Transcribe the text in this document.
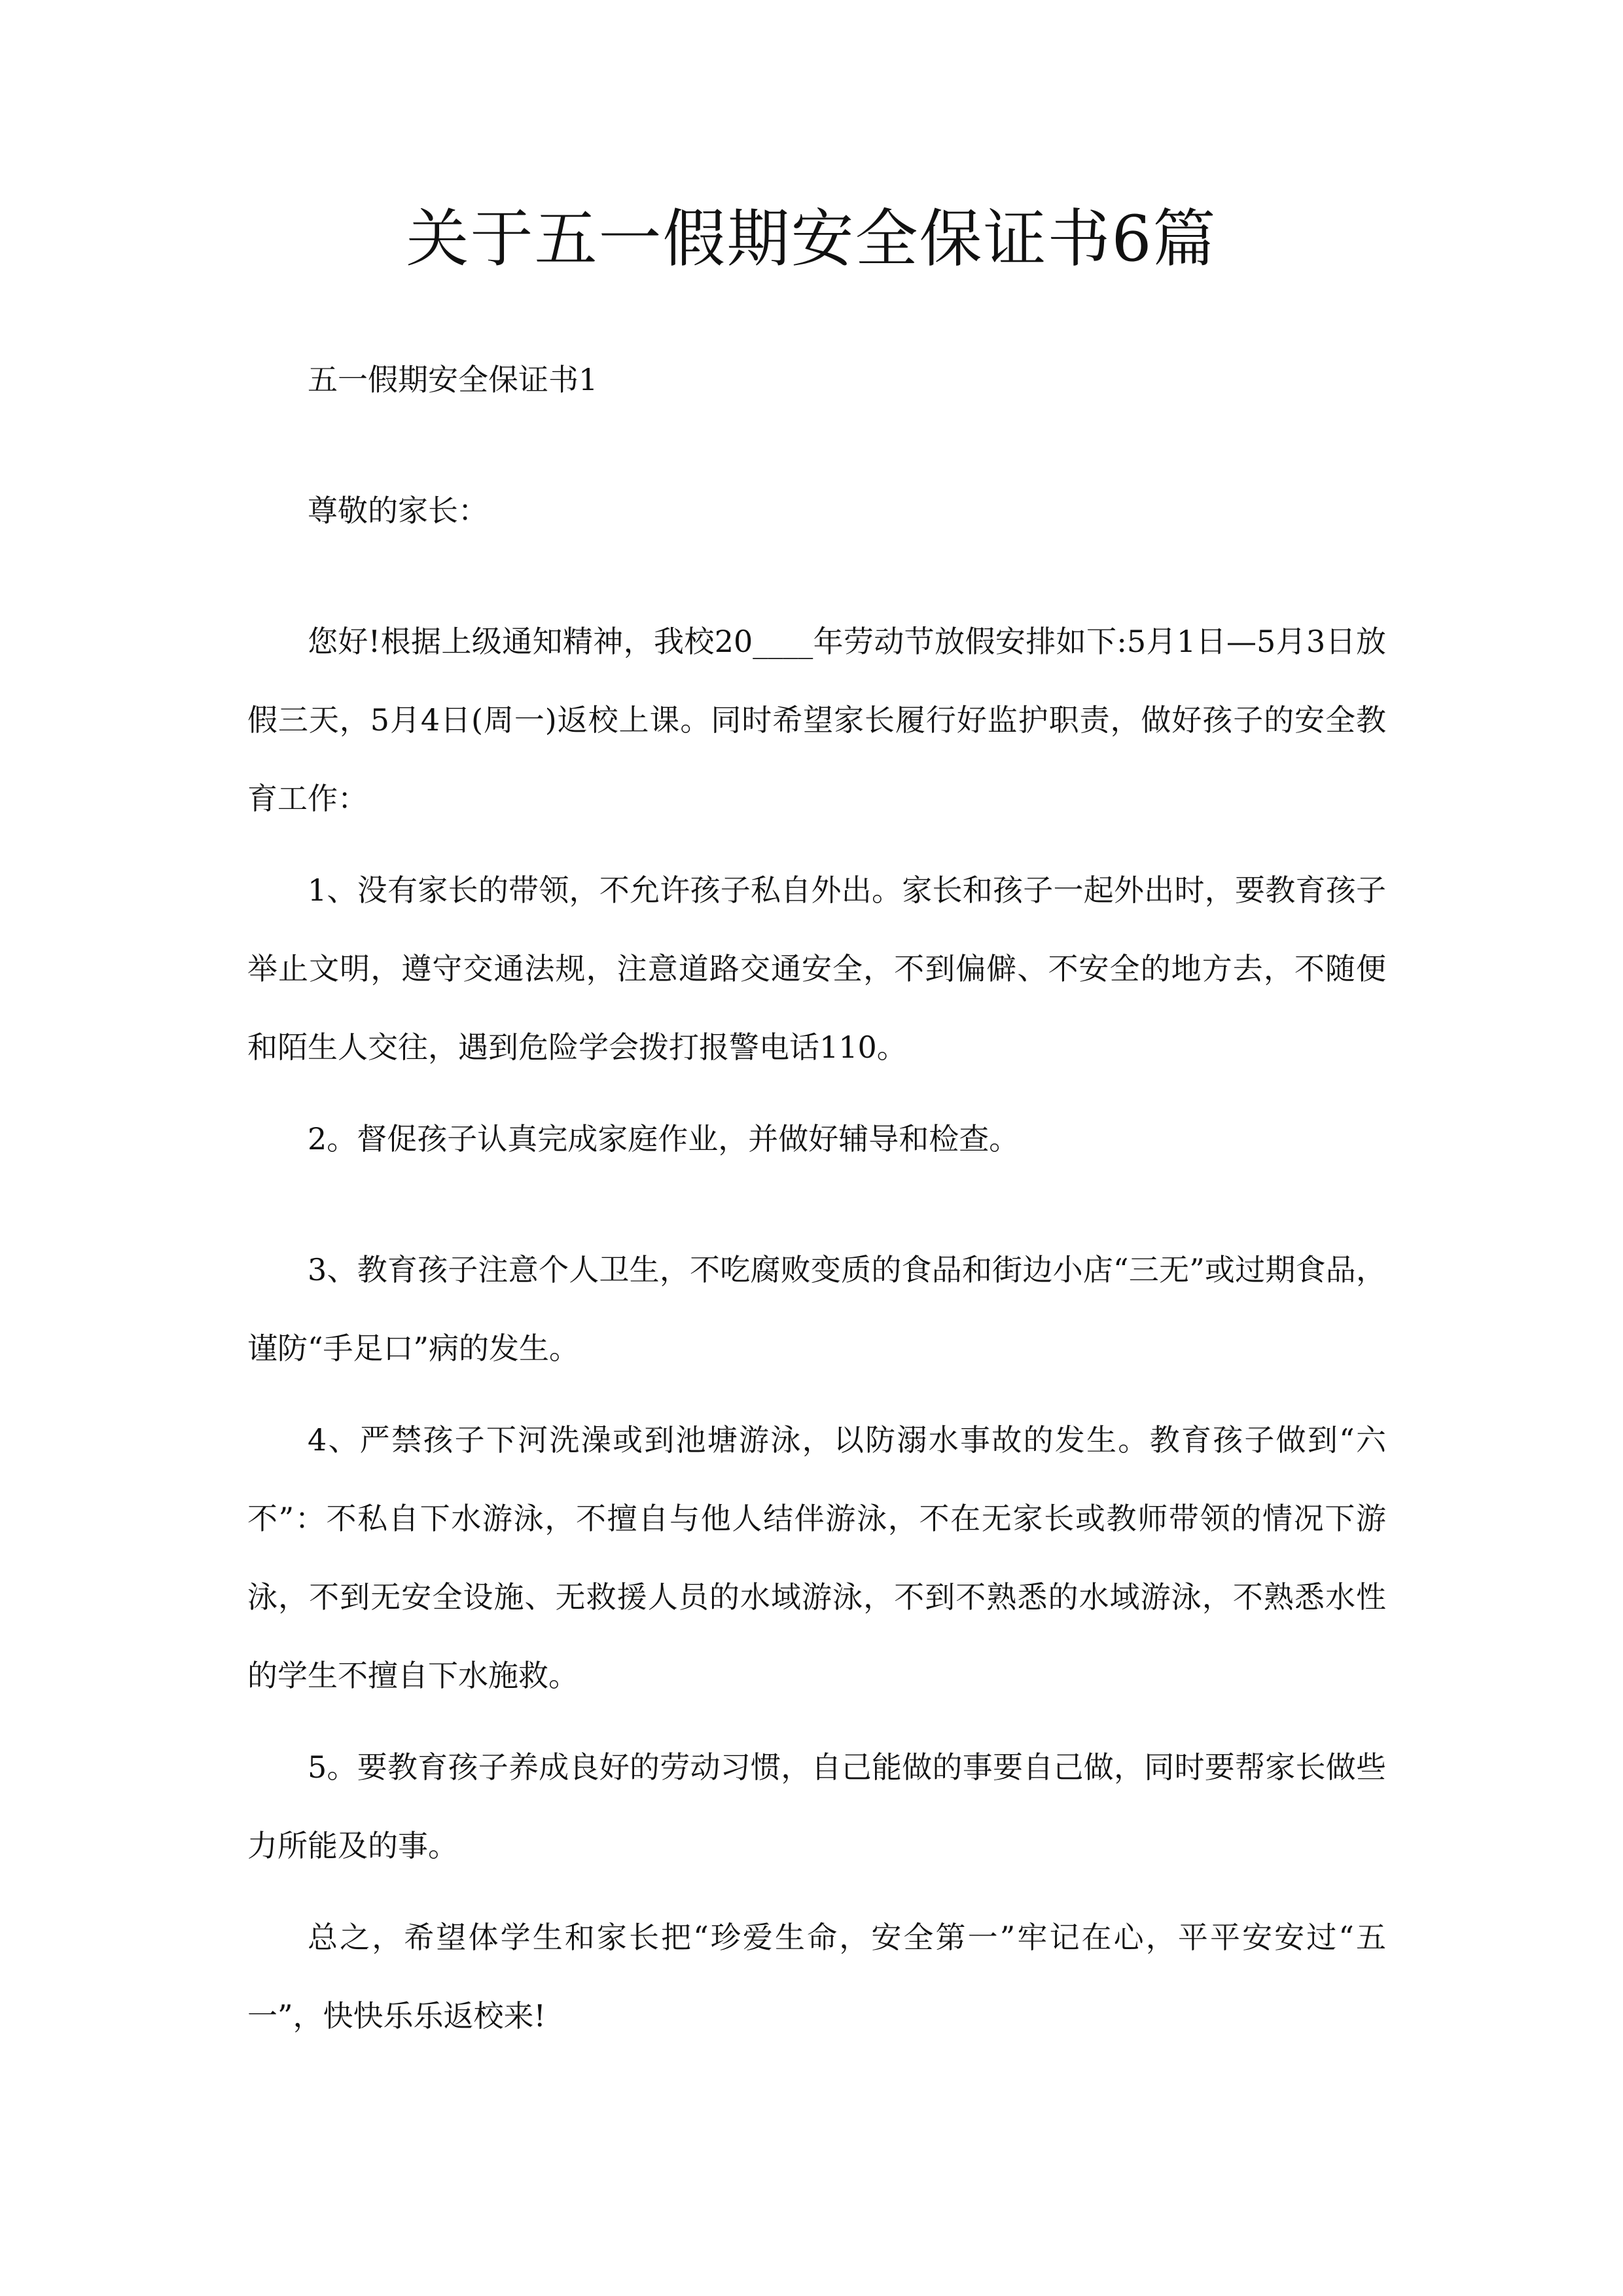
关于五一假期安全保证书6篇

五一假期安全保证书1

尊敬的家长：

您好!根据上级通知精神，我校20____年劳动节放假安排如下:5月1日—5月3日放假三天，5月4日(周一)返校上课。同时希望家长履行好监护职责，做好孩子的安全教育工作：

1、没有家长的带领，不允许孩子私自外出。家长和孩子一起外出时，要教育孩子举止文明，遵守交通法规，注意道路交通安全，不到偏僻、不安全的地方去，不随便和陌生人交往，遇到危险学会拨打报警电话110。

2。督促孩子认真完成家庭作业，并做好辅导和检查。

3、教育孩子注意个人卫生，不吃腐败变质的食品和街边小店“三无”或过期食品，谨防“手足口”病的发生。

4、严禁孩子下河洗澡或到池塘游泳，以防溺水事故的发生。教育孩子做到“六不”：不私自下水游泳，不擅自与他人结伴游泳，不在无家长或教师带领的情况下游泳，不到无安全设施、无救援人员的水域游泳，不到不熟悉的水域游泳，不熟悉水性的学生不擅自下水施救。

5。要教育孩子养成良好的劳动习惯，自己能做的事要自己做，同时要帮家长做些力所能及的事。

总之，希望体学生和家长把“珍爱生命，安全第一”牢记在心，平平安安过“五一”，快快乐乐返校来!
